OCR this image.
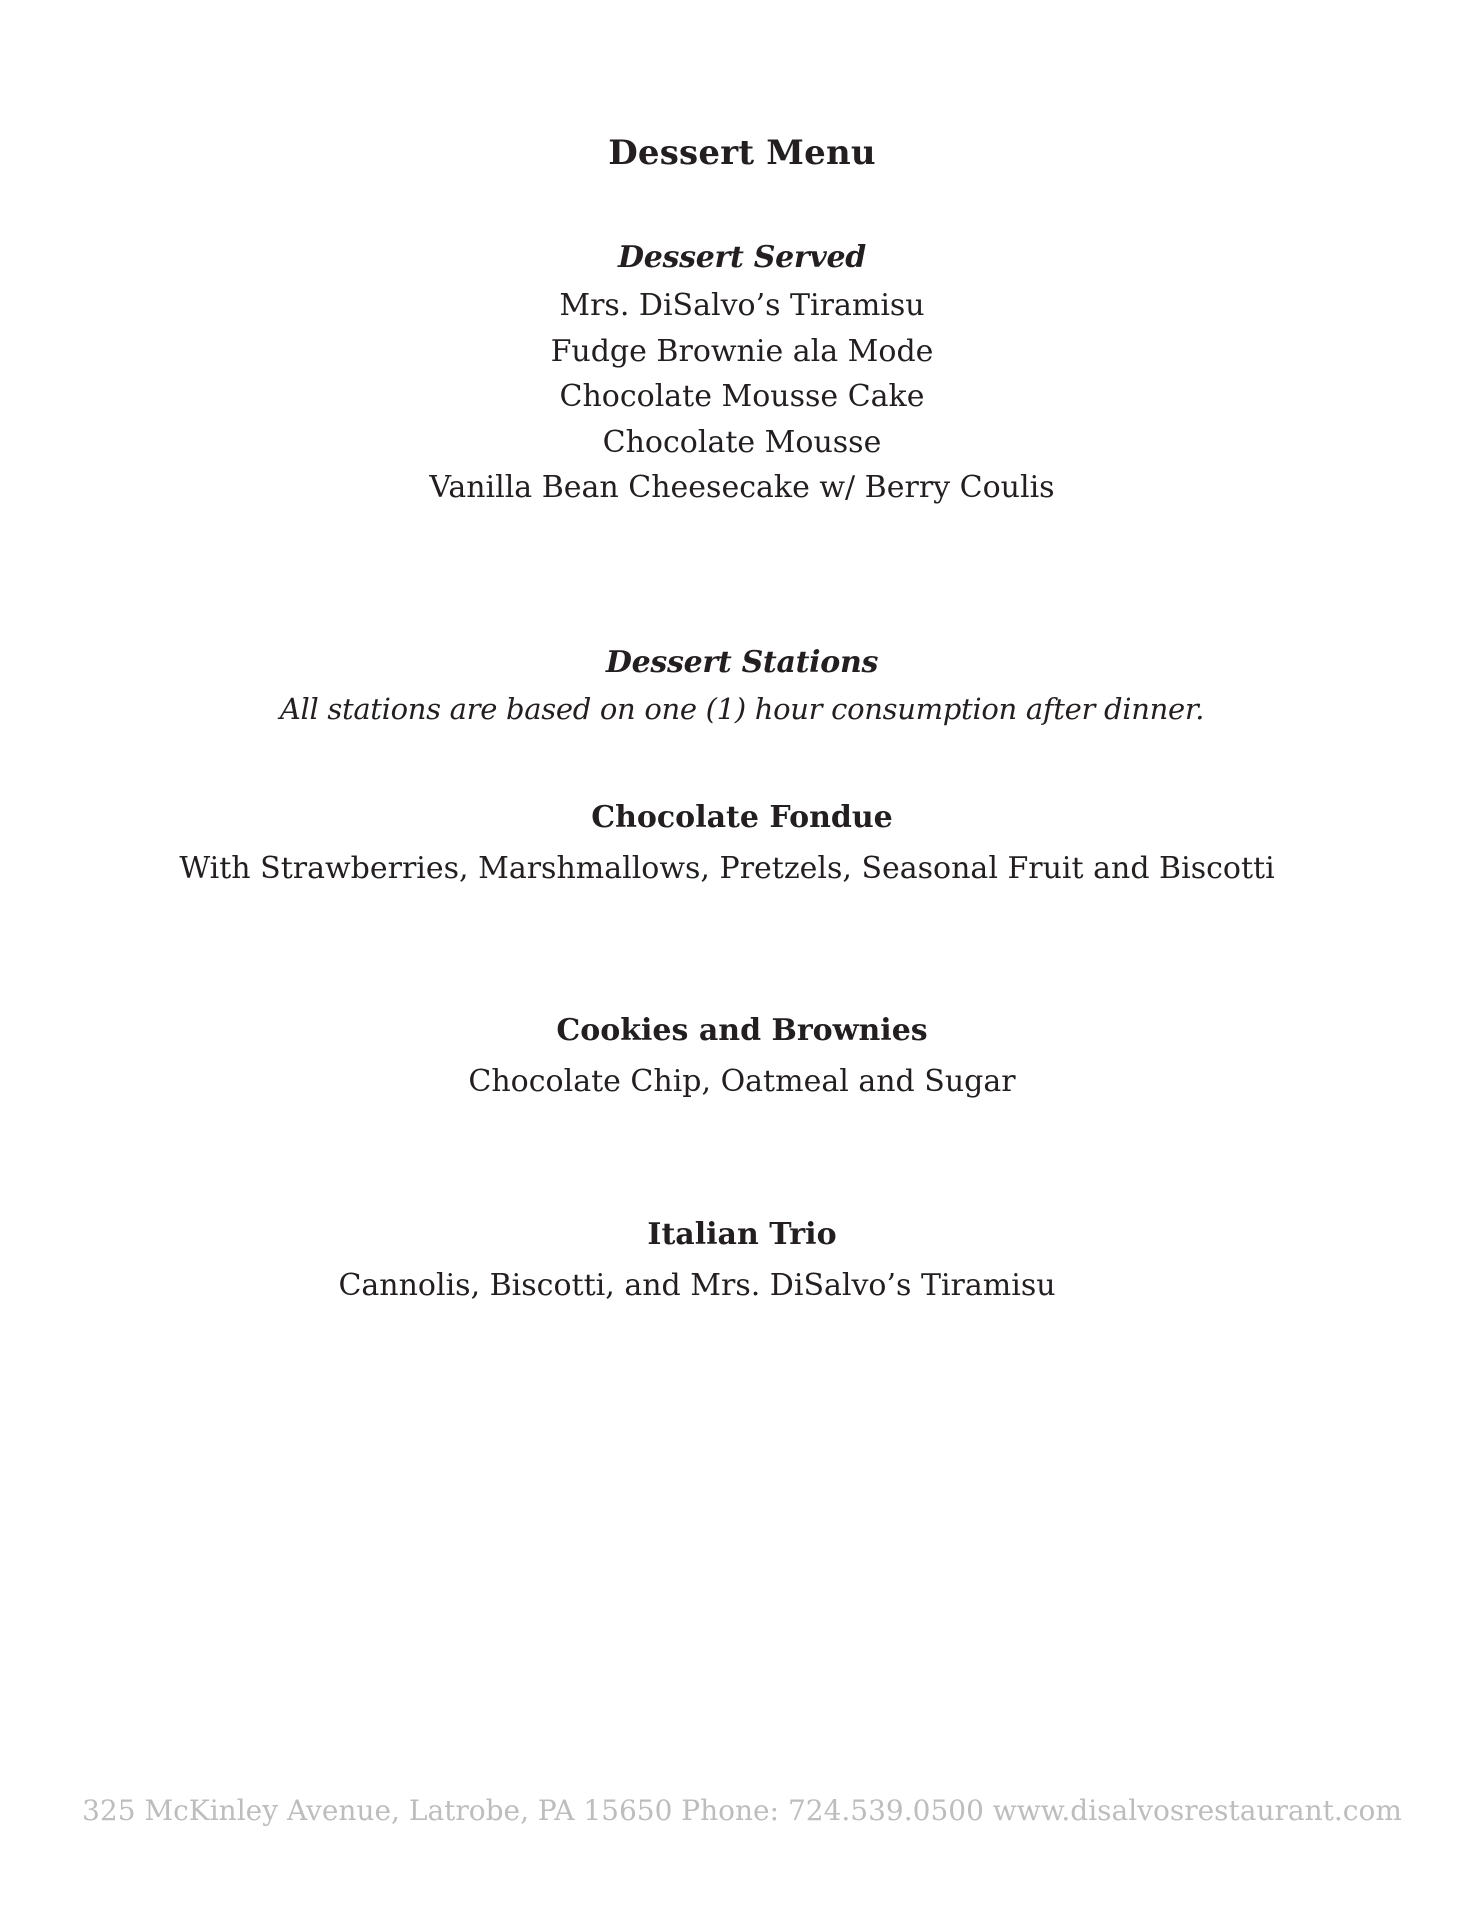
Dessert Menu
Dessert Served
Mrs. DiSalvo’s Tiramisu
Fudge Brownie ala Mode
Chocolate Mousse Cake
Chocolate Mousse
Vanilla Bean Cheesecake w/ Berry Coulis
Dessert Stations
All stations are based on one (1) hour consumption after dinner.
Chocolate Fondue
With Strawberries, Marshmallows, Pretzels, Seasonal Fruit and Biscotti
Cookies and Brownies
Chocolate Chip, Oatmeal and Sugar
Italian Trio
Cannolis, Biscotti, and Mrs. DiSalvo’s Tiramisu
325 McKinley Avenue, Latrobe, PA 15650 Phone: 724.539.0500 www.disalvosrestaurant.com
